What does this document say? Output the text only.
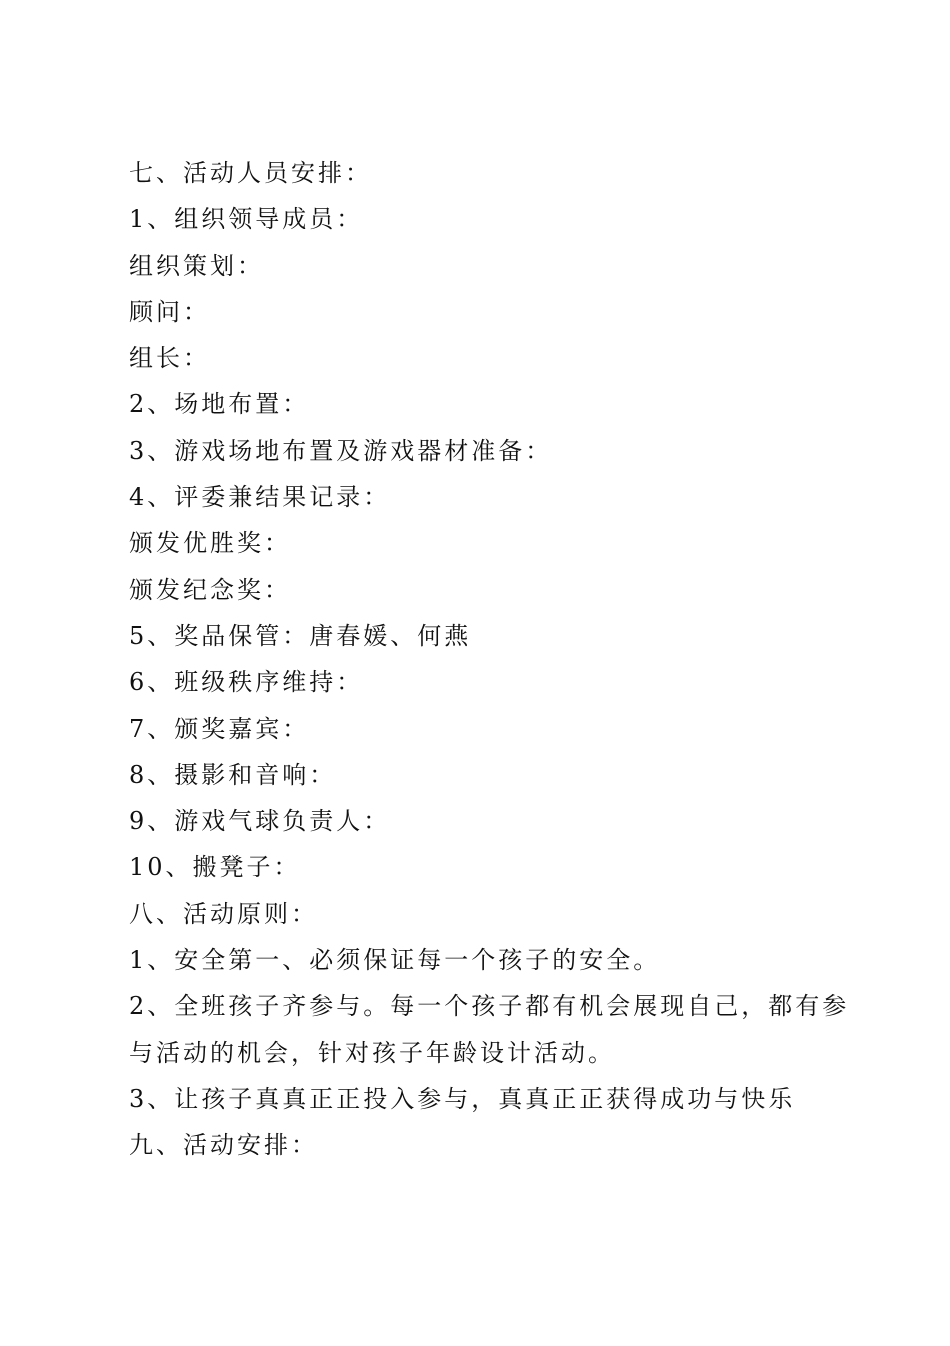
七、活动人员安排：

1、组织领导成员：

组织策划：

顾问：

组长：

2、场地布置：

3、游戏场地布置及游戏器材准备：

4、评委兼结果记录：

颁发优胜奖：

颁发纪念奖：

5、奖品保管：唐春媛、何燕

6、班级秩序维持：

7、颁奖嘉宾：

8、摄影和音响：

9、游戏气球负责人：

10、搬凳子：

八、活动原则：

1、安全第一、必须保证每一个孩子的安全。

2、全班孩子齐参与。每一个孩子都有机会展现自己，都有参

与活动的机会，针对孩子年龄设计活动。

3、让孩子真真正正投入参与，真真正正获得成功与快乐

九、活动安排：
